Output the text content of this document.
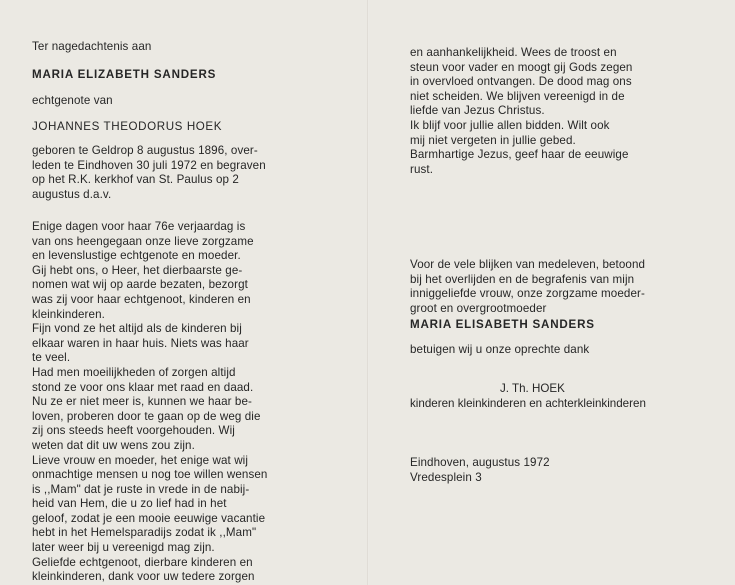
Ter nagedachtenis aan
MARIA ELIZABETH SANDERS
echtgenote van
JOHANNES THEODORUS HOEK
geboren te Geldrop 8 augustus 1896, over-
leden te Eindhoven 30 juli 1972 en begraven
op het R.K. kerkhof van St. Paulus op 2
augustus d.a.v.
Enige dagen voor haar 76e verjaardag is
van ons heengegaan onze lieve zorgzame
en levenslustige echtgenote en moeder.
Gij hebt ons, o Heer, het dierbaarste ge-
nomen wat wij op aarde bezaten, bezorgt
was zij voor haar echtgenoot, kinderen en
kleinkinderen.
Fijn vond ze het altijd als de kinderen bij
elkaar waren in haar huis. Niets was haar
te veel.
Had men moeilijkheden of zorgen altijd
stond ze voor ons klaar met raad en daad.
Nu ze er niet meer is, kunnen we haar be-
loven, proberen door te gaan op de weg die
zij ons steeds heeft voorgehouden. Wij
weten dat dit uw wens zou zijn.
Lieve vrouw en moeder, het enige wat wij
onmachtige mensen u nog toe willen wensen
is ,,Mam" dat je ruste in vrede in de nabij-
heid van Hem, die u zo lief had in het
geloof, zodat je een mooie eeuwige vacantie
hebt in het Hemelsparadijs zodat ik ,,Mam"
later weer bij u vereenigd mag zijn.
Geliefde echtgenoot, dierbare kinderen en
kleinkinderen, dank voor uw tedere zorgen
en aanhankelijkheid. Wees de troost en
steun voor vader en moogt gij Gods zegen
in overvloed ontvangen. De dood mag ons
niet scheiden. We blijven vereenigd in de
liefde van Jezus Christus.
Ik blijf voor jullie allen bidden. Wilt ook
mij niet vergeten in jullie gebed.
Barmhartige Jezus, geef haar de eeuwige
rust.
Voor de vele blijken van medeleven, betoond
bij het overlijden en de begrafenis van mijn
inniggeliefde vrouw, onze zorgzame moeder-
groot en overgrootmoeder
MARIA ELISABETH SANDERS
betuigen wij u onze oprechte dank
J. Th. HOEK
kinderen kleinkinderen en achterkleinkinderen
Eindhoven, augustus 1972
Vredesplein 3
